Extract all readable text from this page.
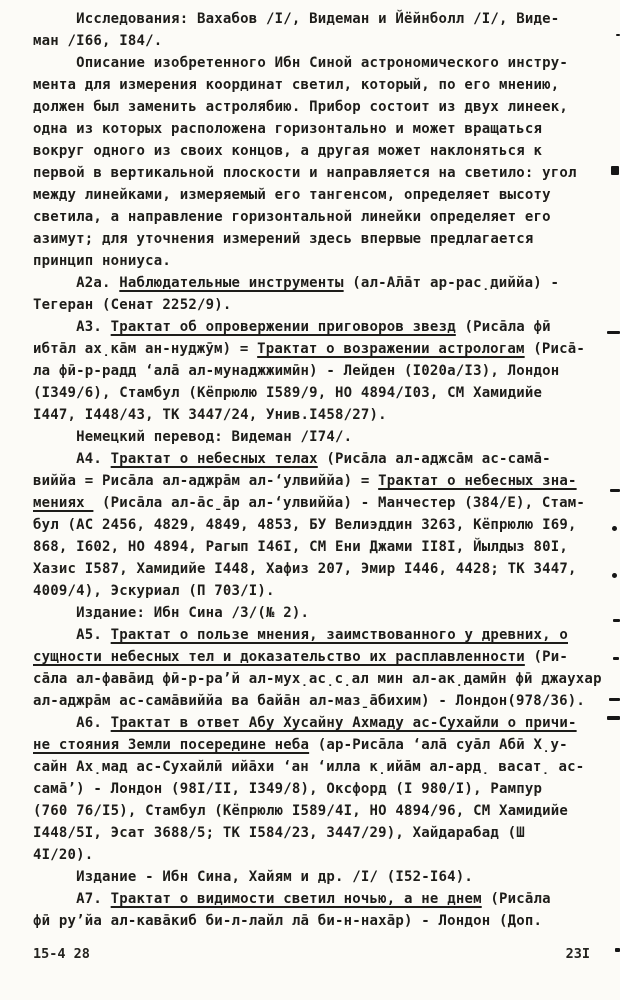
Исследования: Вахабов /I/, Видеман и Йёйнболл /I/, Виде-
ман /I66, I84/.
Описание изобретенного Ибн Синой астрономического инстру-
мента для измерения координат светил, который, по его мнению,
должен был заменить астролябию. Прибор состоит из двух линеек,
одна из которых расположена горизонтально и может вращаться
вокруг одного из своих концов, а другая может наклоняться к
первой в вертикальной плоскости и направляется на светило: угол
между линейками, измеряемый его тангенсом, определяет высоту
светила, а направление горизонтальной линейки определяет его
азимут; для уточнения измерений здесь впервые предлагается
принцип нониуса.
А2а. Наблюдательные инструменты (ал-А̄ла̄т ар-рас̣диййа) -
Тегеран (Сенат 2252/9).
А3. Трактат об опровержении приговоров звезд (Риса̄ла фӣ
ибта̄л ах̣ка̄м ан-нуджӯм) = Трактат о возражении астрологам (Риса̄-
ла фӣ-р-радд ‘ала̄ ал-мунаджжимӣн) - Лейден (I020а/I3), Лондон
(I349/6), Стамбул (Кёпрюлю I589/9, НО 4894/I03, СМ Хамидийе
I447, I448/43, ТК 3447/24, Унив.I458/27).
Немецкий перевод: Видеман /I74/.
А4. Трактат о небесных телах (Риса̄ла ал-аджса̄м ас-сама̄-
виййа = Риса̄ла ал-аджра̄м ал-‘улвиййа) = Трактат о небесных зна-
мениях  (Риса̄ла ал-а̄с̱а̄р ал-‘улвиййа) - Манчестер (384/Е), Стам-
бул (АС 2456, 4829, 4849, 4853, БУ Велиэддин 3263, Кёпрюлю I69,
868, I602, НО 4894, Рагып I46I, СМ Ени Джами II8I, Йылдыз 80I,
Хазис I587, Хамидийе I448, Хафиз 207, Эмир I446, 4428; ТК 3447,
4009/4), Эскуриал (П 703/I).
Издание: Ибн Сина /3/(№ 2).
А5. Трактат о пользе мнения, заимствованного у древних, о
сущности небесных тел и доказательство их расплавленности (Ри-
са̄ла ал-фава̄ид фӣ-р-ра’й ал-мух̣ас̣с̣ал мин ал-ак̣дамӣн фӣ джаухар
ал-аджра̄м ас-сама̄виййа ва байа̄н ал-маз̱а̄бихим) - Лондон(978/36).
А6. Трактат в ответ Абу Хусайну Ахмаду ас-Сухайли о причи-
не стояния Земли посередине неба (ар-Риса̄ла ‘ала̄ суа̄л Абӣ Х̣у-
сайн Ах̣мад ас-Сухайлӣ ийа̄хи ‘ан ‘илла к̣ийа̄м ал-ард̣ васат̣ ас-
сама̄’) - Лондон (98I/II, I349/8), Оксфорд (I 980/I), Рампур
(760 76/I5), Стамбул (Кёпрюлю I589/4I, НО 4894/96, СМ Хамидийе
I448/5I, Эсат 3688/5; ТК I584/23, 3447/29), Хайдарабад (Ш
4I/20).
Издание - Ибн Сина, Хайям и др. /I/ (I52-I64).
А7. Трактат о видимости светил ночью, а не днем (Риса̄ла
фӣ ру’йа ал-кава̄киб би-л-лайл ла̄ би-н-наха̄р) - Лондон (Доп.
15-4 28	23I
